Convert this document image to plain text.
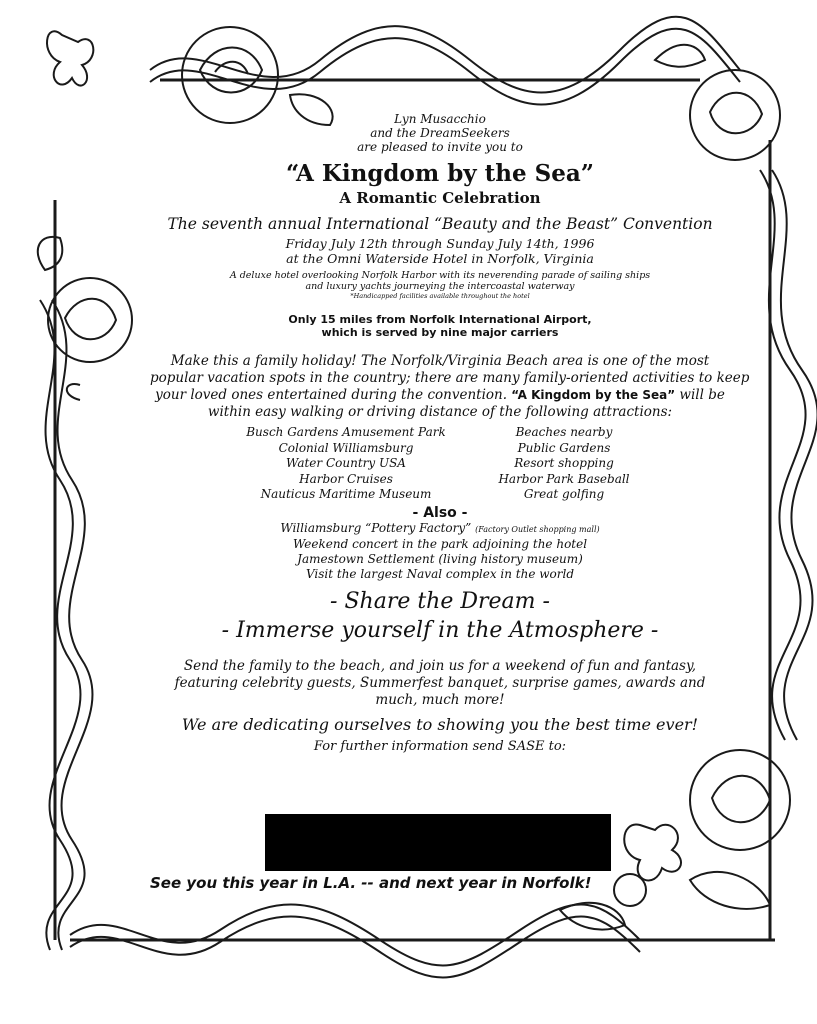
Lyn Musacchio
and the DreamSeekers
are pleased to invite you to
“A Kingdom by the Sea”
A Romantic Celebration
The seventh annual International “Beauty and the Beast” Convention
Friday July 12th through Sunday July 14th, 1996
at the Omni Waterside Hotel in Norfolk, Virginia
A deluxe hotel overlooking Norfolk Harbor with its neverending parade of sailing ships
and luxury yachts journeying the intercoastal waterway
*Handicapped facilities available throughout the hotel
Only 15 miles from Norfolk International Airport,
which is served by nine major carriers
Make this a family holiday! The Norfolk/Virginia Beach area is one of the most
popular vacation spots in the country; there are many family-oriented activities to keep
your loved ones entertained during the convention. “A Kingdom by the Sea” will be
within easy walking or driving distance of the following attractions:
Busch Gardens Amusement Park
Colonial Williamsburg
Water Country USA
Harbor Cruises
Nauticus Maritime Museum
Beaches nearby
Public Gardens
Resort shopping
Harbor Park Baseball
Great golfing
- Also -
Williamsburg “Pottery Factory” (Factory Outlet shopping mall)
Weekend concert in the park adjoining the hotel
Jamestown Settlement (living history museum)
Visit the largest Naval complex in the world
- Share the Dream -
- Immerse yourself in the Atmosphere -
Send the family to the beach, and join us for a weekend of fun and fantasy,
featuring celebrity guests, Summerfest banquet, surprise games, awards and
much, much more!
We are dedicating ourselves to showing you the best time ever!
For further information send SASE to:
See you this year in L.A. -- and next year in Norfolk!
